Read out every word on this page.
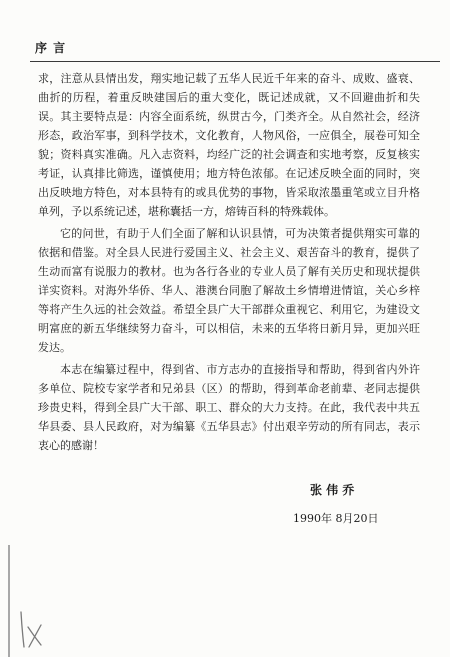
序 言
求，注意从县情出发，翔实地记载了五华人民近千年来的奋斗、成败、盛衰、
曲折的历程，着重反映建国后的重大变化，既记述成就，又不回避曲折和失
误。其主要特点是：内容全面系统，纵贯古今，门类齐全。从自然社会，经济
形态，政治军事，到科学技术，文化教育，人物风俗，一应俱全，展卷可知全
貌；资料真实准确。凡入志资料，均经广泛的社会调查和实地考察，反复核实
考证，认真排比筛选，谨慎使用；地方特色浓郁。在记述反映全面的同时，突
出反映地方特色，对本县特有的或具优势的事物，皆采取浓墨重笔或立目升格
单列，予以系统记述，堪称囊括一方，熔铸百科的特殊载体。
它的问世，有助于人们全面了解和认识县情，可为决策者提供翔实可靠的
依据和借鉴。对全县人民进行爱国主义、社会主义、艰苦奋斗的教育，提供了
生动而富有说服力的教材。也为各行各业的专业人员了解有关历史和现状提供
详实资料。对海外华侨、华人、港澳台同胞了解故土乡情增进情谊，关心乡梓
等将产生久远的社会效益。希望全县广大干部群众重视它、利用它，为建设文
明富庶的新五华继续努力奋斗，可以相信，未来的五华将日新月异，更加兴旺
发达。
本志在编纂过程中，得到省、市方志办的直接指导和帮助，得到省内外许
多单位、院校专家学者和兄弟县（区）的帮助，得到革命老前辈、老同志提供
珍贵史料，得到全县广大干部、职工、群众的大力支持。在此，我代表中共五
华县委、县人民政府，对为编纂《五华县志》付出艰辛劳动的所有同志，表示
衷心的感谢！
张 伟 乔
1990年 8月20日
